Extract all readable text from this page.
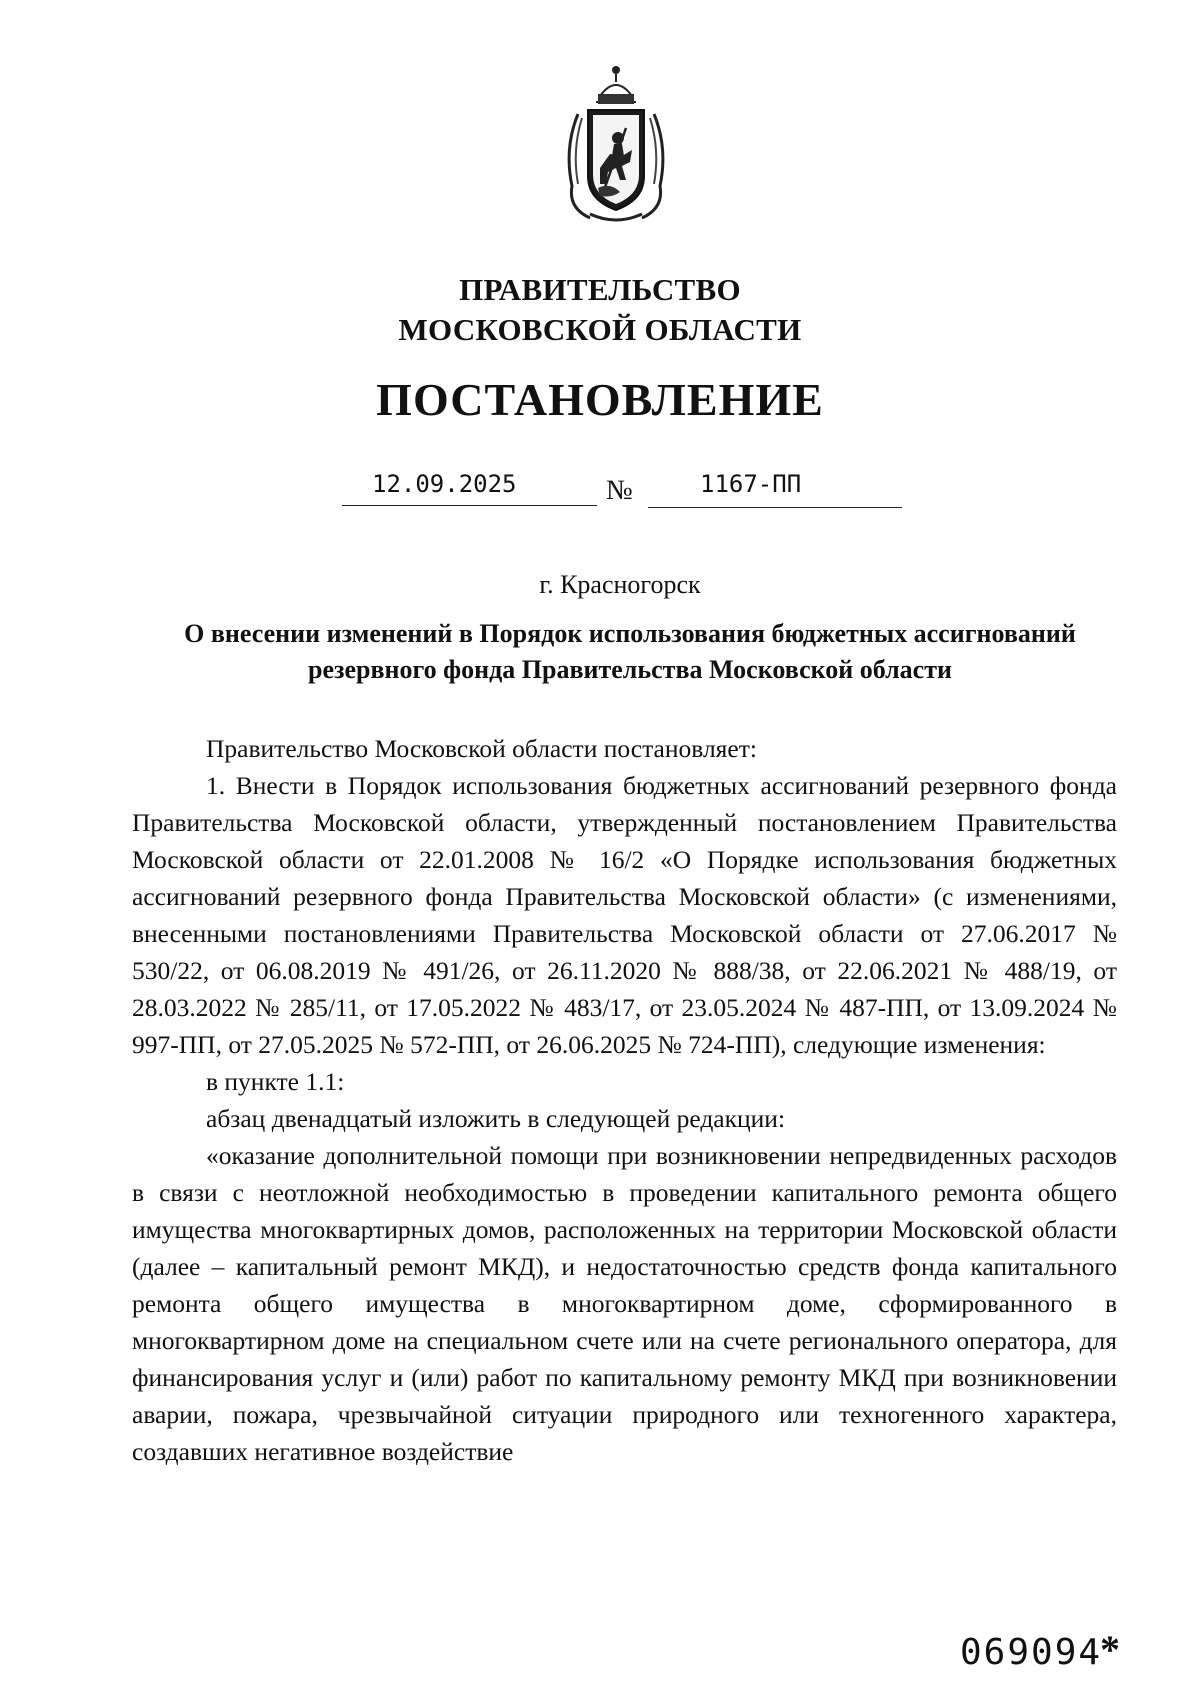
ПРАВИТЕЛЬСТВО
МОСКОВСКОЙ ОБЛАСТИ
ПОСТАНОВЛЕНИЕ
12.09.2025	№	1167-ПП
г. Красногорск
О внесении изменений в Порядок использования бюджетных ассигнований резервного фонда Правительства Московской области

Правительство Московской области постановляет:

1. Внести в Порядок использования бюджетных ассигнований резервного фонда Правительства Московской области, утвержденный постановлением Правительства Московской области от 22.01.2008 № 16/2 «О Порядке использования бюджетных ассигнований резервного фонда Правительства Московской области» (с изменениями, внесенными постановлениями Правительства Московской области от 27.06.2017 № 530/22, от 06.08.2019 № 491/26, от 26.11.2020 № 888/38, от 22.06.2021 № 488/19, от 28.03.2022 № 285/11, от 17.05.2022 № 483/17, от 23.05.2024 № 487-ПП, от 13.09.2024 № 997-ПП, от 27.05.2025 № 572-ПП, от 26.06.2025 № 724-ПП), следующие изменения:

в пункте 1.1:

абзац двенадцатый изложить в следующей редакции:

«оказание дополнительной помощи при возникновении непредвиденных расходов в связи с неотложной необходимостью в проведении капитального ремонта общего имущества многоквартирных домов, расположенных на территории Московской области (далее – капитальный ремонт МКД), и недостаточностью средств фонда капитального ремонта общего имущества в многоквартирном доме, сформированного в многоквартирном доме на специальном счете или на счете регионального оператора, для финансирования услуг и (или) работ по капитальному ремонту МКД при возникновении аварии, пожара, чрезвычайной ситуации природного или техногенного характера, создавших негативное воздействие

069094
*
